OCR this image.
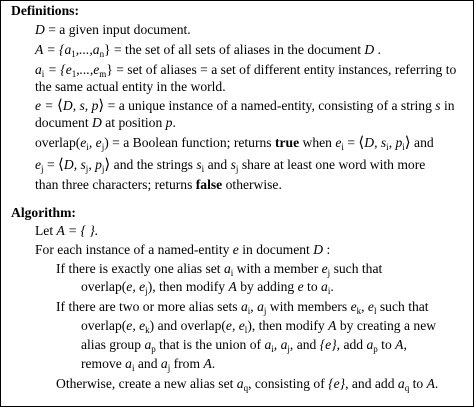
Definitions:
D = a given input document.
$A = \{a_1,...,a_n\}$ = the set of all sets of aliases in the document D .
$a_i = \{e_1,...,e_m\}$ = set of aliases = a set of different entity instances, referring to
the same actual entity in the world.
e = ⟨D, s, p⟩ = a unique instance of a named-entity, consisting of a string s in
document D at position p.
$overlap(e_i$, $e_j) = a$ Boolean function; returns true when $e_i$ = ⟨D, $s_i$, $p_i⟩$ and
$e_j$ = ⟨D, $s_j$, $p_j⟩$ and the strings $s_i$ and $s_j$ share at least one word with more
than three characters; returns false otherwise.
Algorithm:
Let A = { }.
For each instance of a named-entity e in document D :
If there is exactly one alias set $a_i$ with a member $e_j$ such that
overlap(e, $e_j$), then modify A by adding e to $a_i$.
If there are two or more alias sets $a_i$, $a_j$ with members $e_k$, $e_l$ such that
overlap(e, $e_k$) and overlap(e, $e_l$), then modify A by creating a new
alias group $a_p$ that is the union of $a_i$, $a_j$, and {e}, add $a_p$ to A,
remove $a_i$ and $a_j$ from A.
Otherwise, create a new alias set $a_q$, consisting of {e}, and add $a_q$ to A.
